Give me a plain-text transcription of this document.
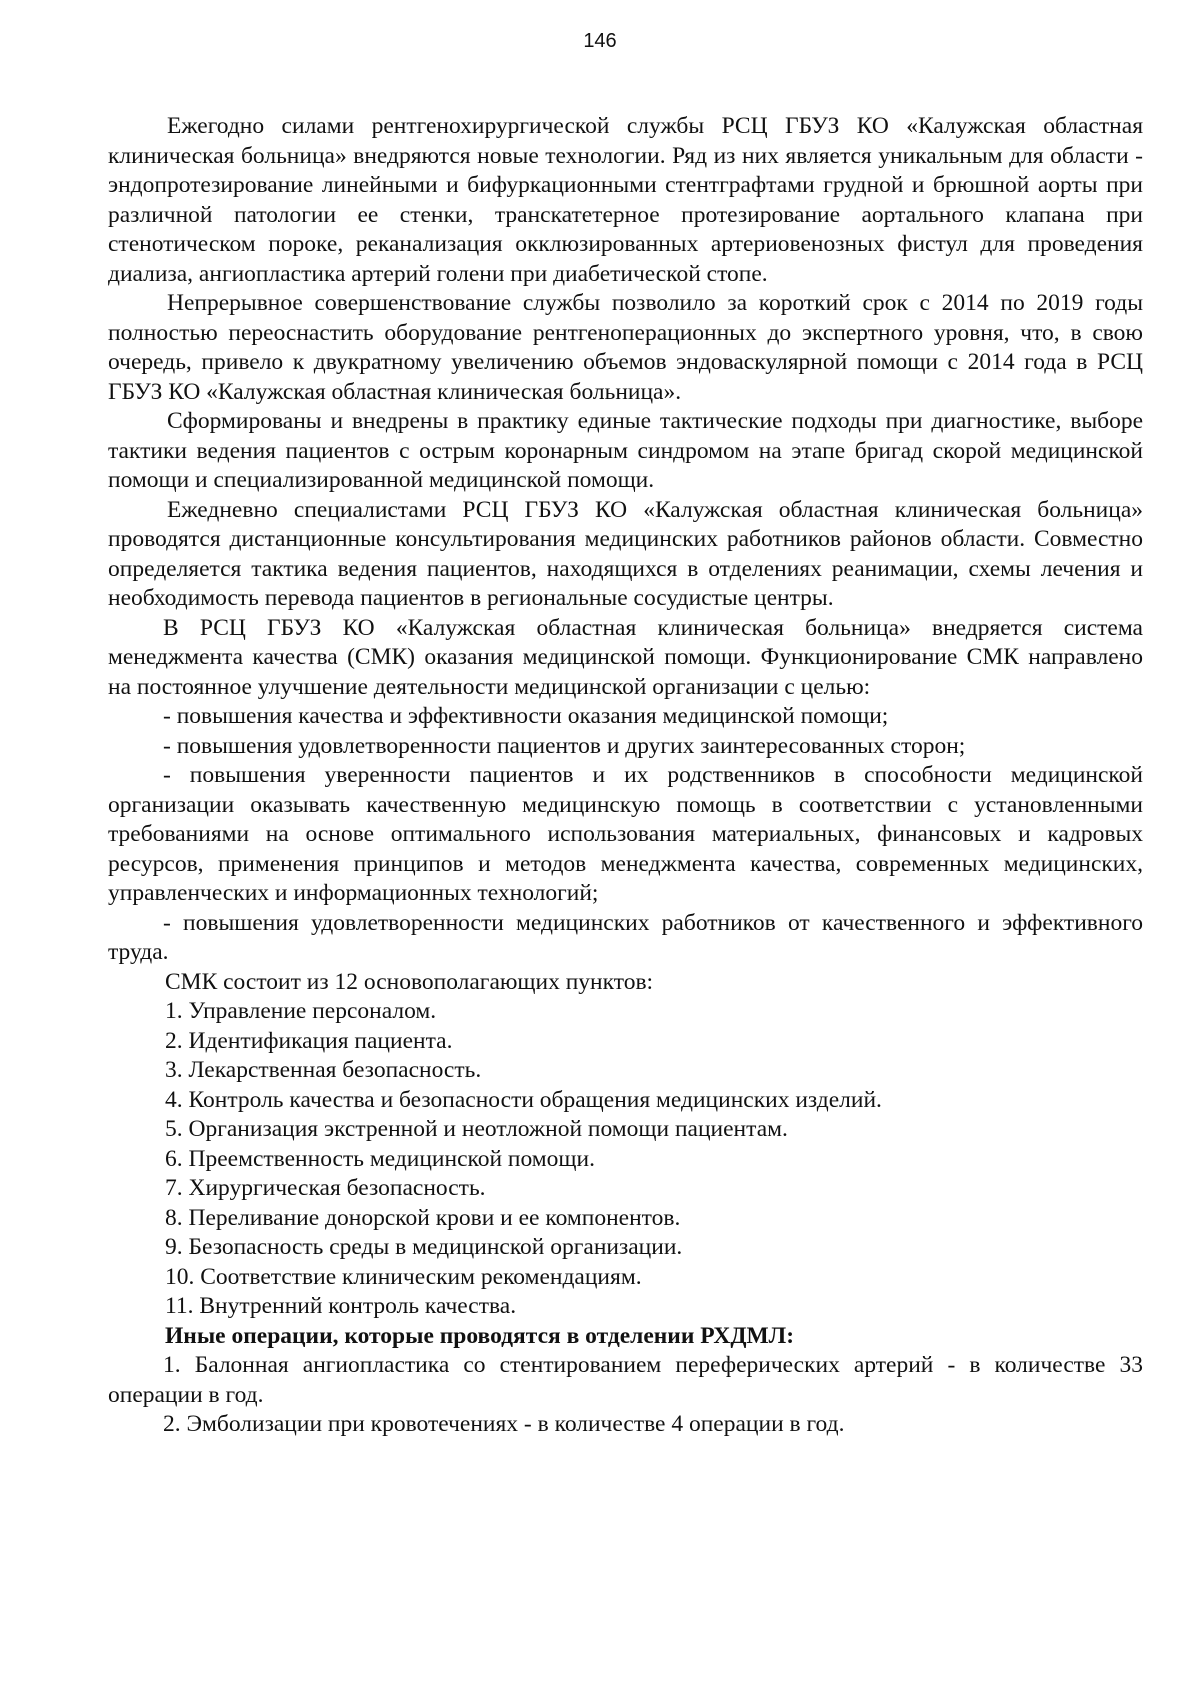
146

Ежегодно силами рентгенохирургической службы РСЦ ГБУЗ КО «Калужская областная клиническая больница» внедряются новые технологии. Ряд из них является уникальным для области - эндопротезирование линейными и бифуркационными стентграфтами грудной и брюшной аорты при различной патологии ее стенки, транскатетерное протезирование аортального клапана при стенотическом пороке, реканализация окклюзированных артериовенозных фистул для проведения диализа, ангиопластика артерий голени при диабетической стопе.

Непрерывное совершенствование службы позволило за короткий срок с 2014 по 2019 годы полностью переоснастить оборудование рентгеноперационных до экспертного уровня, что, в свою очередь, привело к двукратному увеличению объемов эндоваскулярной помощи с 2014 года в РСЦ ГБУЗ КО «Калужская областная клиническая больница».

Сформированы и внедрены в практику единые тактические подходы при диагностике, выборе тактики ведения пациентов с острым коронарным синдромом на этапе бригад скорой медицинской помощи и специализированной медицинской помощи.

Ежедневно специалистами РСЦ ГБУЗ КО «Калужская областная клиническая больница» проводятся дистанционные консультирования медицинских работников районов области. Совместно определяется тактика ведения пациентов, находящихся в отделениях реанимации, схемы лечения и необходимость перевода пациентов в региональные сосудистые центры.

В РСЦ ГБУЗ КО «Калужская областная клиническая больница» внедряется система менеджмента качества (СМК) оказания медицинской помощи. Функционирование СМК направлено на постоянное улучшение деятельности медицинской организации с целью:

- повышения качества и эффективности оказания медицинской помощи;

- повышения удовлетворенности пациентов и других заинтересованных сторон;

- повышения уверенности пациентов и их родственников в способности медицинской организации оказывать качественную медицинскую помощь в соответствии с установленными требованиями на основе оптимального использования материальных, финансовых и кадровых ресурсов, применения принципов и методов менеджмента качества, современных медицинских, управленческих и информационных технологий;

- повышения удовлетворенности медицинских работников от качественного и эффективного труда.

СМК состоит из 12 основополагающих пунктов:

1. Управление персоналом.

2. Идентификация пациента.

3. Лекарственная безопасность.

4. Контроль качества и безопасности обращения медицинских изделий.

5. Организация экстренной и неотложной помощи пациентам.

6. Преемственность медицинской помощи.

7. Хирургическая безопасность.

8. Переливание донорской крови и ее компонентов.

9. Безопасность среды в медицинской организации.

10. Соответствие клиническим рекомендациям.

11. Внутренний контроль качества.

Иные операции, которые проводятся в отделении РХДМЛ:

1. Балонная ангиопластика со стентированием переферических артерий - в количестве 33 операции в год.

2. Эмболизации при кровотечениях - в количестве 4 операции в год.
